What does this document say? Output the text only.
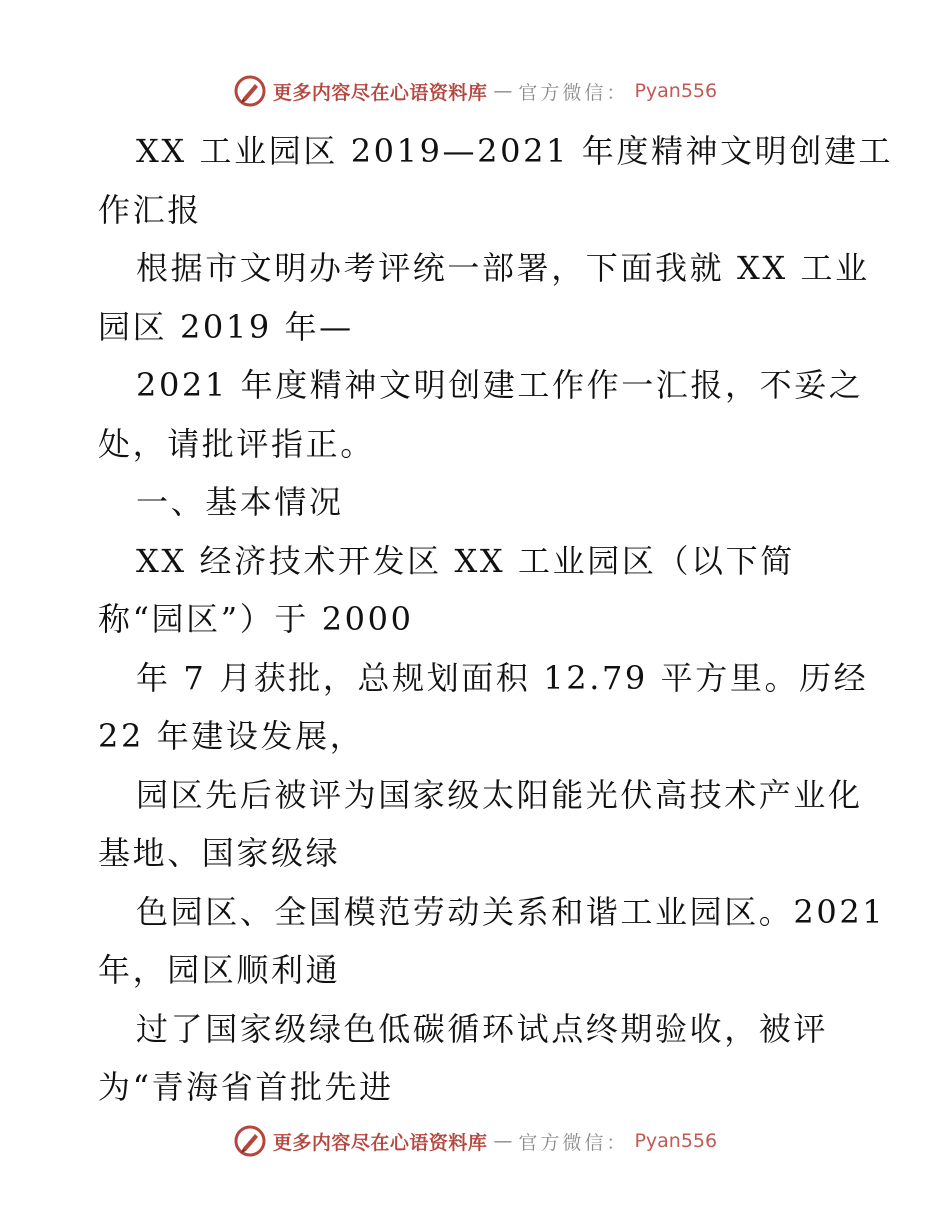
更多内容尽在心语资料库 — 官方微信： Pyan556

XX 工业园区 2019—2021 年度精神文明创建工

作汇报

根据市文明办考评统一部署，下面我就 XX 工业

园区 2019 年—

2021 年度精神文明创建工作作一汇报，不妥之

处，请批评指正。

一、基本情况

XX 经济技术开发区 XX 工业园区（以下简

称“园区”）于 2000

年 7 月获批，总规划面积 12.79 平方里。历经

22 年建设发展，

园区先后被评为国家级太阳能光伏高技术产业化

基地、国家级绿

色园区、全国模范劳动关系和谐工业园区。2021

年，园区顺利通

过了国家级绿色低碳循环试点终期验收，被评

为“青海省首批先进

更多内容尽在心语资料库 — 官方微信： Pyan556
